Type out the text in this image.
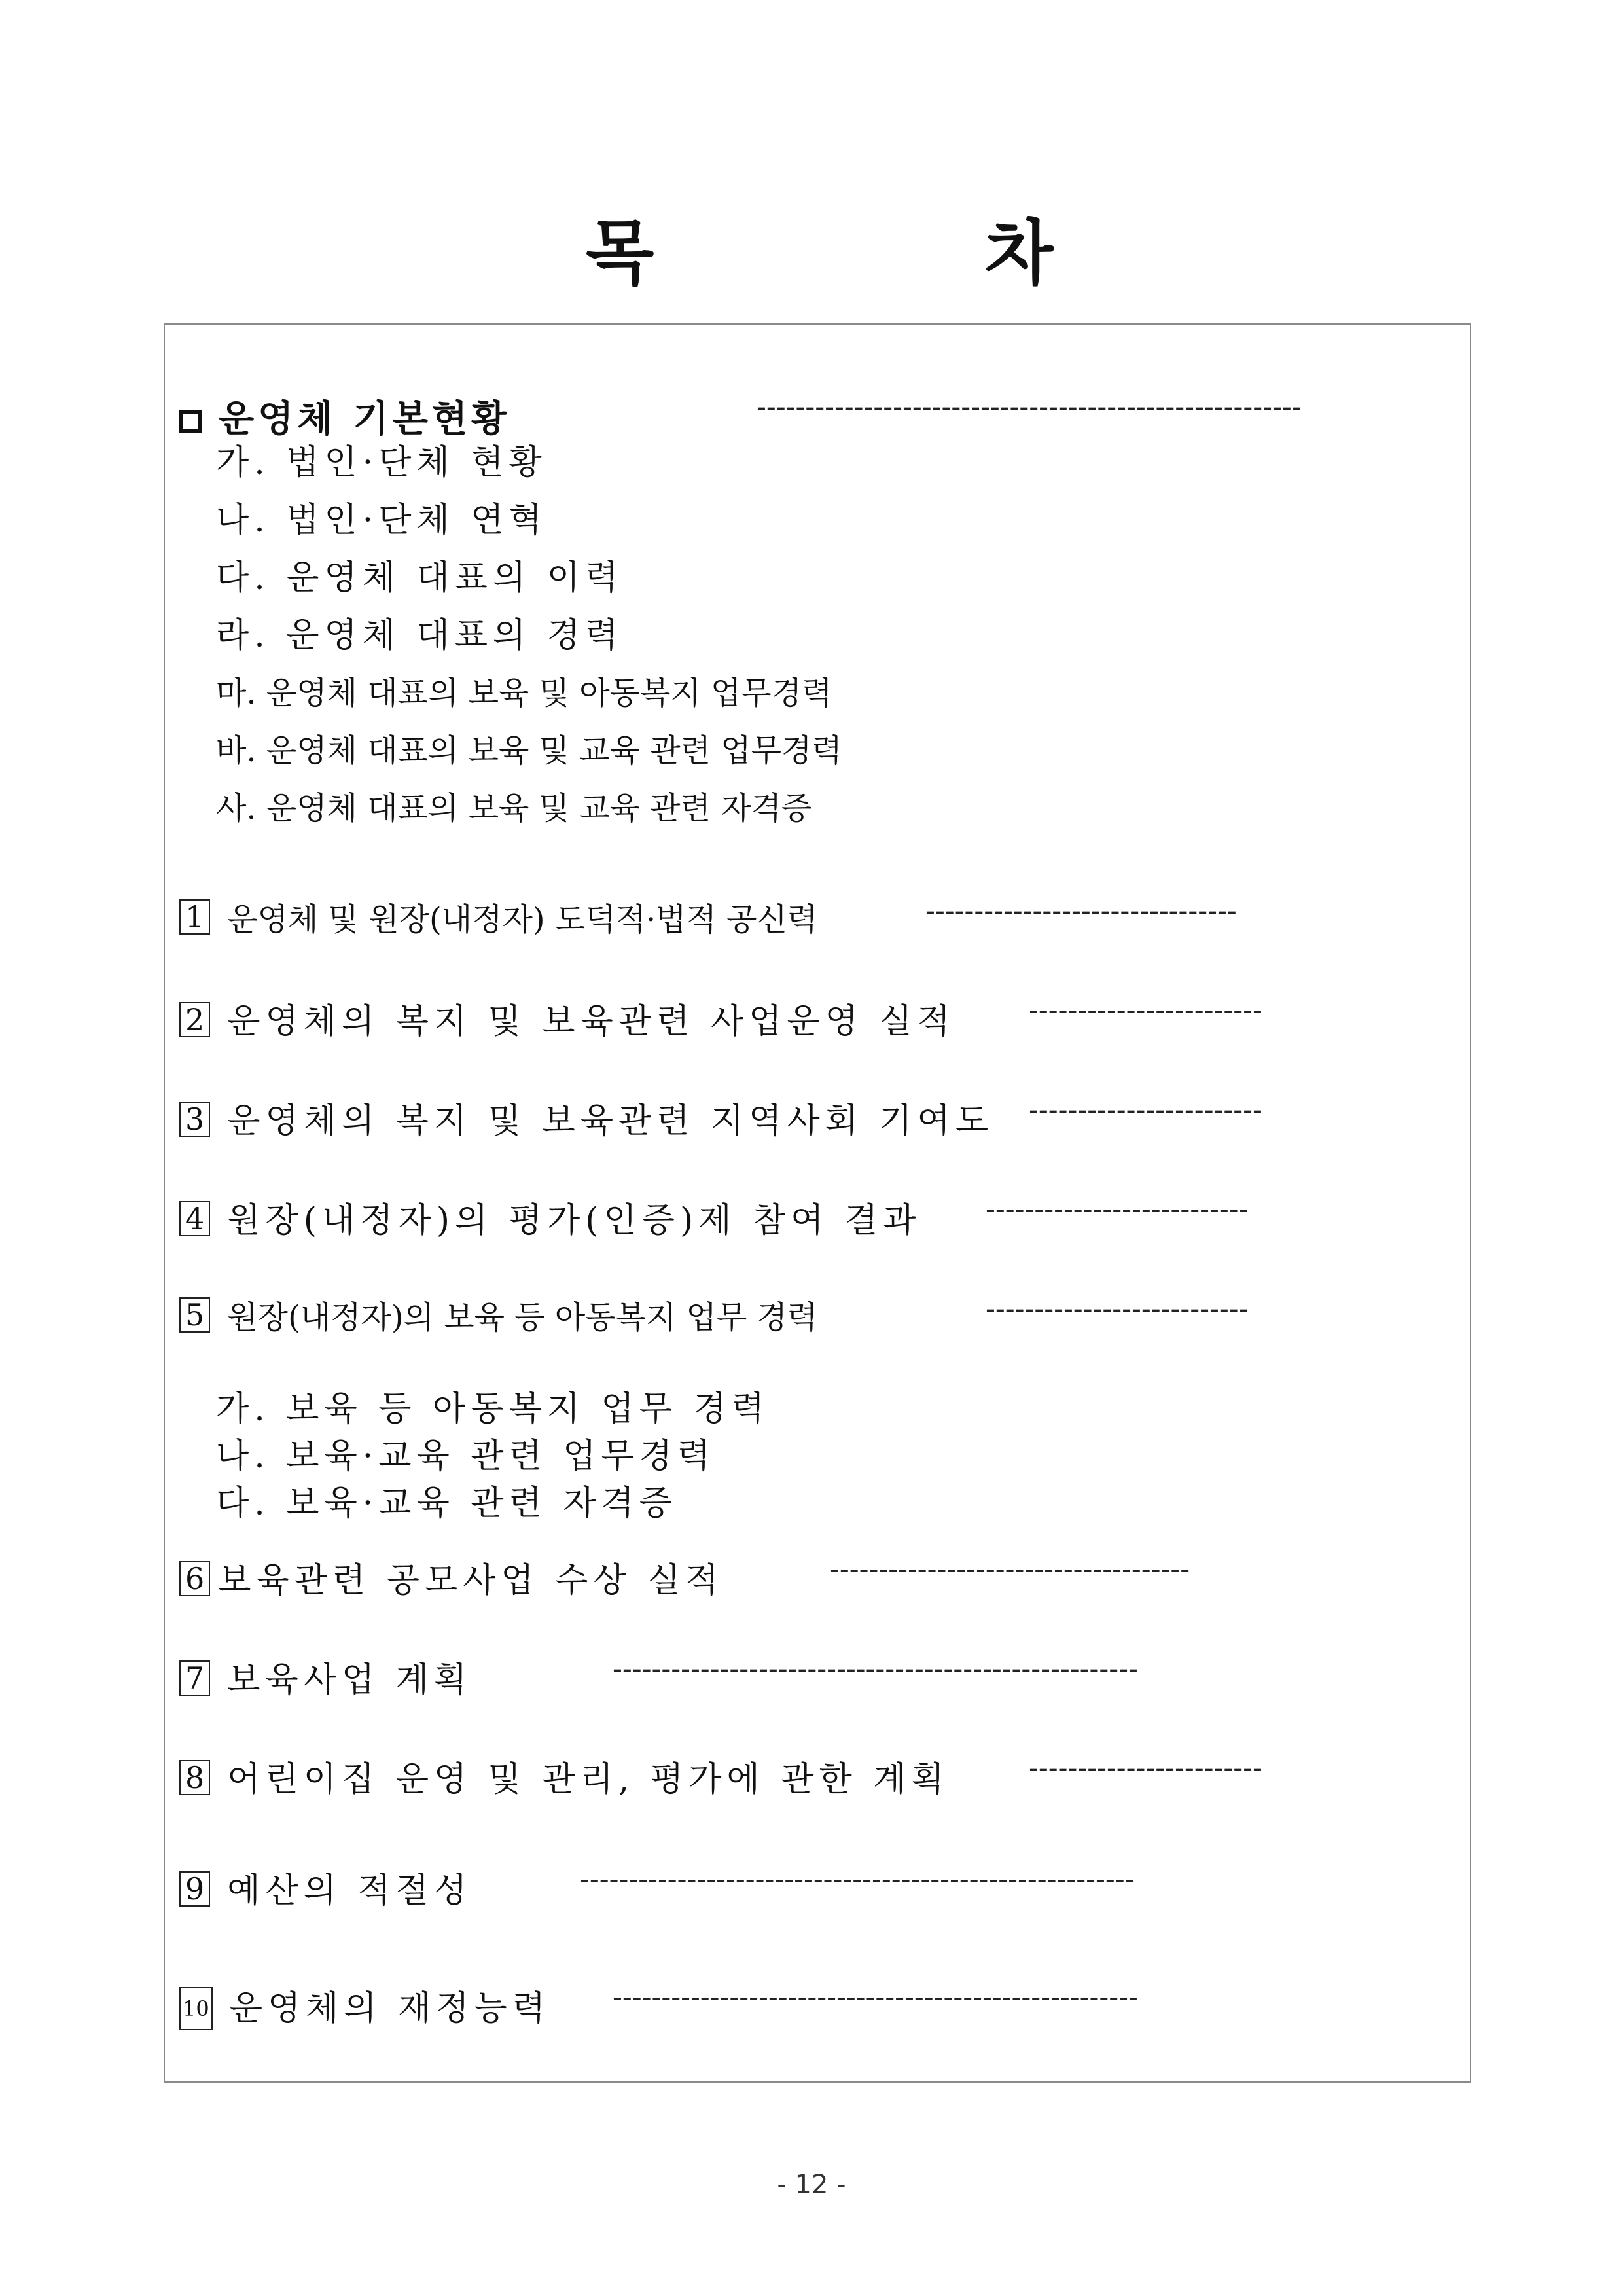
목	차
운영체 기본현황	--------------------------------------------------------
가. 법인·단체 현황
나. 법인·단체 연혁
다. 운영체 대표의 이력
라. 운영체 대표의 경력
마. 운영체 대표의 보육 및 아동복지 업무경력
바. 운영체 대표의 보육 및 교육 관련 업무경력
사. 운영체 대표의 보육 및 교육 관련 자격증
1 운영체 및 원장(내정자) 도덕적·법적 공신력	--------------------------------
2 운영체의 복지 및 보육관련 사업운영 실적	------------------------
3 운영체의 복지 및 보육관련 지역사회 기여도 ------------------------
4 원장(내정자)의 평가(인증)제 참여 결과 ---------------------------
5 원장(내정자)의 보육 등 아동복지 업무 경력	---------------------------
가. 보육 등 아동복지 업무 경력
나. 보육·교육 관련 업무경력
다. 보육·교육 관련 자격증
6 보육관련 공모사업 수상 실적	-------------------------------------
7 보육사업 계획	------------------------------------------------------
8 어린이집 운영 및 관리, 평가에 관한 계획	------------------------
9 예산의 적절성	---------------------------------------------------------
10 운영체의 재정능력 ------------------------------------------------------
- 12 -
